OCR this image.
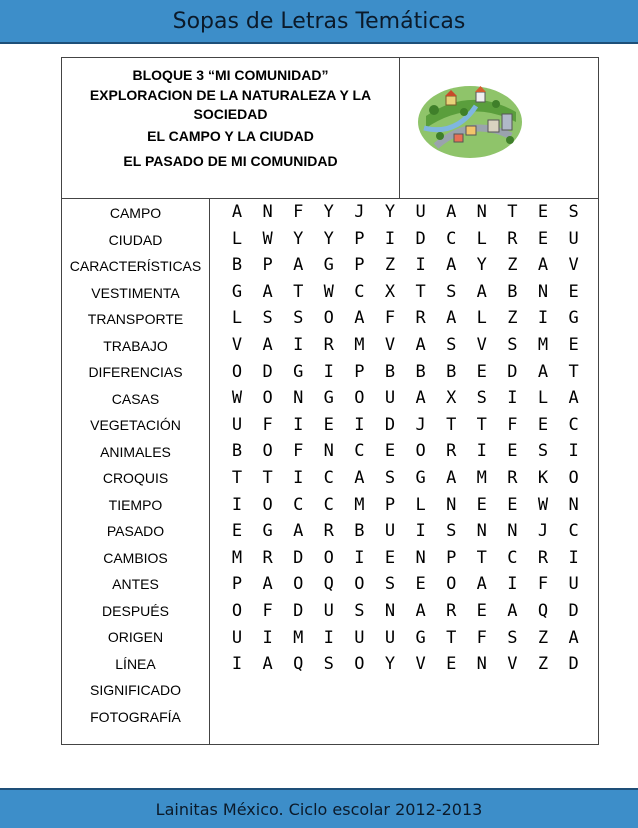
Sopas de Letras Temáticas
BLOQUE 3 “MI COMUNIDAD”
EXPLORACION DE LA NATURALEZA Y LA SOCIEDAD
EL CAMPO Y LA CIUDAD
EL PASADO DE MI COMUNIDAD
CAMPO
CIUDAD
CARACTERÍSTICAS
VESTIMENTA
TRANSPORTE
TRABAJO
DIFERENCIAS
CASAS
VEGETACIÓN
ANIMALES
CROQUIS
TIEMPO
PASADO
CAMBIOS
ANTES
DESPUÉS
ORIGEN
LÍNEA
SIGNIFICADO
FOTOGRAFÍA
A	N	F	Y	J	Y	U	A	N	T	E	S
L	W	Y	Y	P	I	D	C	L	R	E	U
B	P	A	G	P	Z	I	A	Y	Z	A	V
G	A	T	W	C	X	T	S	A	B	N	E
L	S	S	O	A	F	R	A	L	Z	I	G
V	A	I	R	M	V	A	S	V	S	M	E
O	D	G	I	P	B	B	B	E	D	A	T
W	O	N	G	O	U	A	X	S	I	L	A
U	F	I	E	I	D	J	T	T	F	E	C
B	O	F	N	C	E	O	R	I	E	S	I
T	T	I	C	A	S	G	A	M	R	K	O
I	O	C	C	M	P	L	N	E	E	W	N
E	G	A	R	B	U	I	S	N	N	J	C
M	R	D	O	I	E	N	P	T	C	R	I
P	A	O	Q	O	S	E	O	A	I	F	U
O	F	D	U	S	N	A	R	E	A	Q	D
U	I	M	I	U	U	G	T	F	S	Z	A
I	A	Q	S	O	Y	V	E	N	V	Z	D
Lainitas México. Ciclo escolar 2012-2013
